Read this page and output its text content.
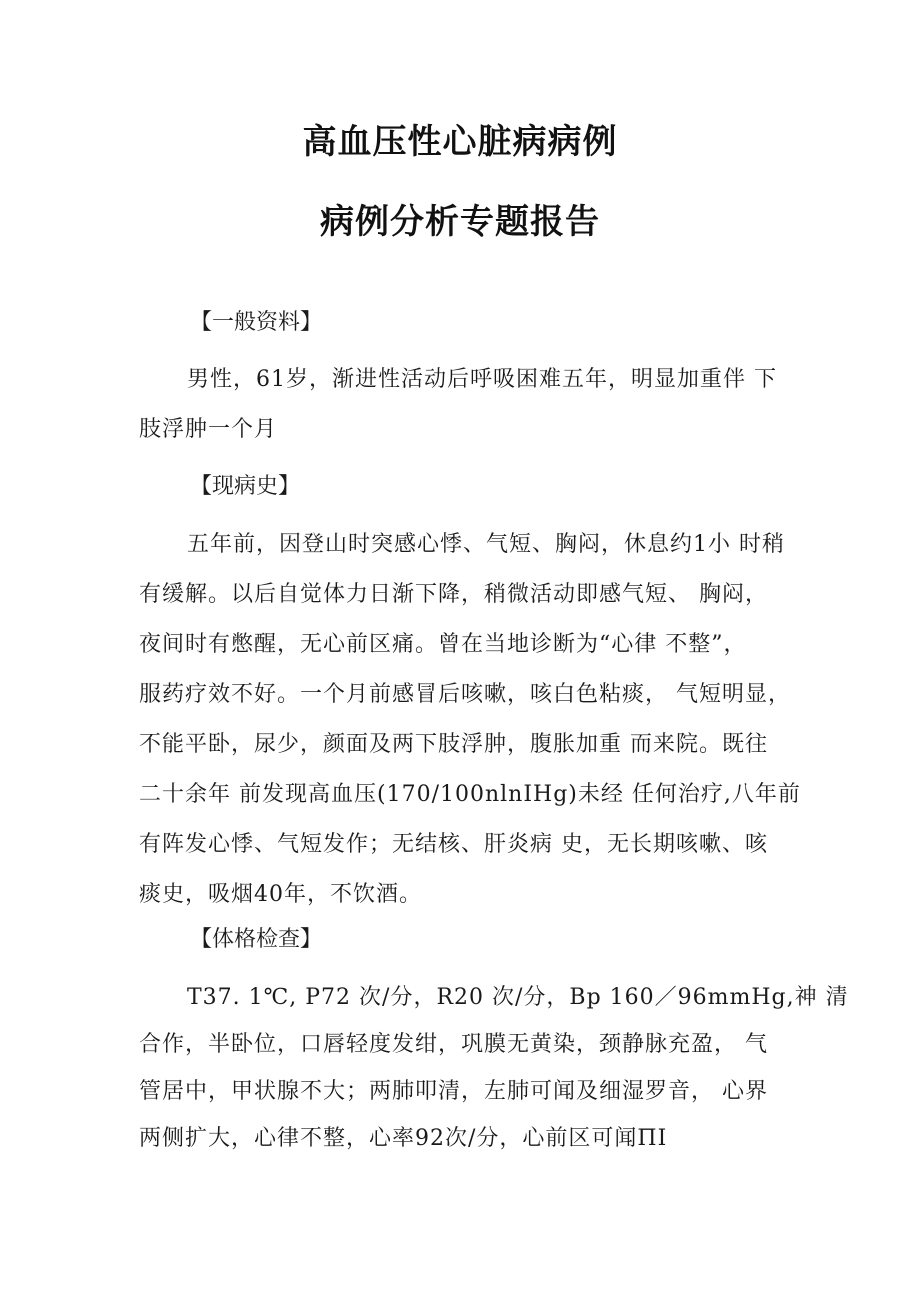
高血压性心脏病病例
病例分析专题报告
【一般资料】
男性，61岁，渐进性活动后呼吸困难五年，明显加重伴 下
肢浮肿一个月
【现病史】
五年前，因登山时突感心悸、气短、胸闷，休息约1小 时稍
有缓解。以后自觉体力日渐下降，稍微活动即感气短、 胸闷，
夜间时有憋醒，无心前区痛。曾在当地诊断为“心律 不整”，
服药疗效不好。一个月前感冒后咳嗽，咳白色粘痰， 气短明显，
不能平卧，尿少，颜面及两下肢浮肿，腹胀加重 而来院。既往
二十余年 前发现高血压(170/100nlnIHg)未经 任何治疗,八年前
有阵发心悸、气短发作；无结核、肝炎病 史，无长期咳嗽、咳
痰史，吸烟40年，不饮酒。
【体格检查】
T37. 1℃, P72 次/分，R20 次/分，Bp 160／96mmHg,神 清
合作，半卧位，口唇轻度发绀，巩膜无黄染，颈静脉充盈， 气
管居中，甲状腺不大；两肺叩清，左肺可闻及细湿罗音， 心界
两侧扩大，心律不整，心率92次/分，心前区可闻ΠⅠ
